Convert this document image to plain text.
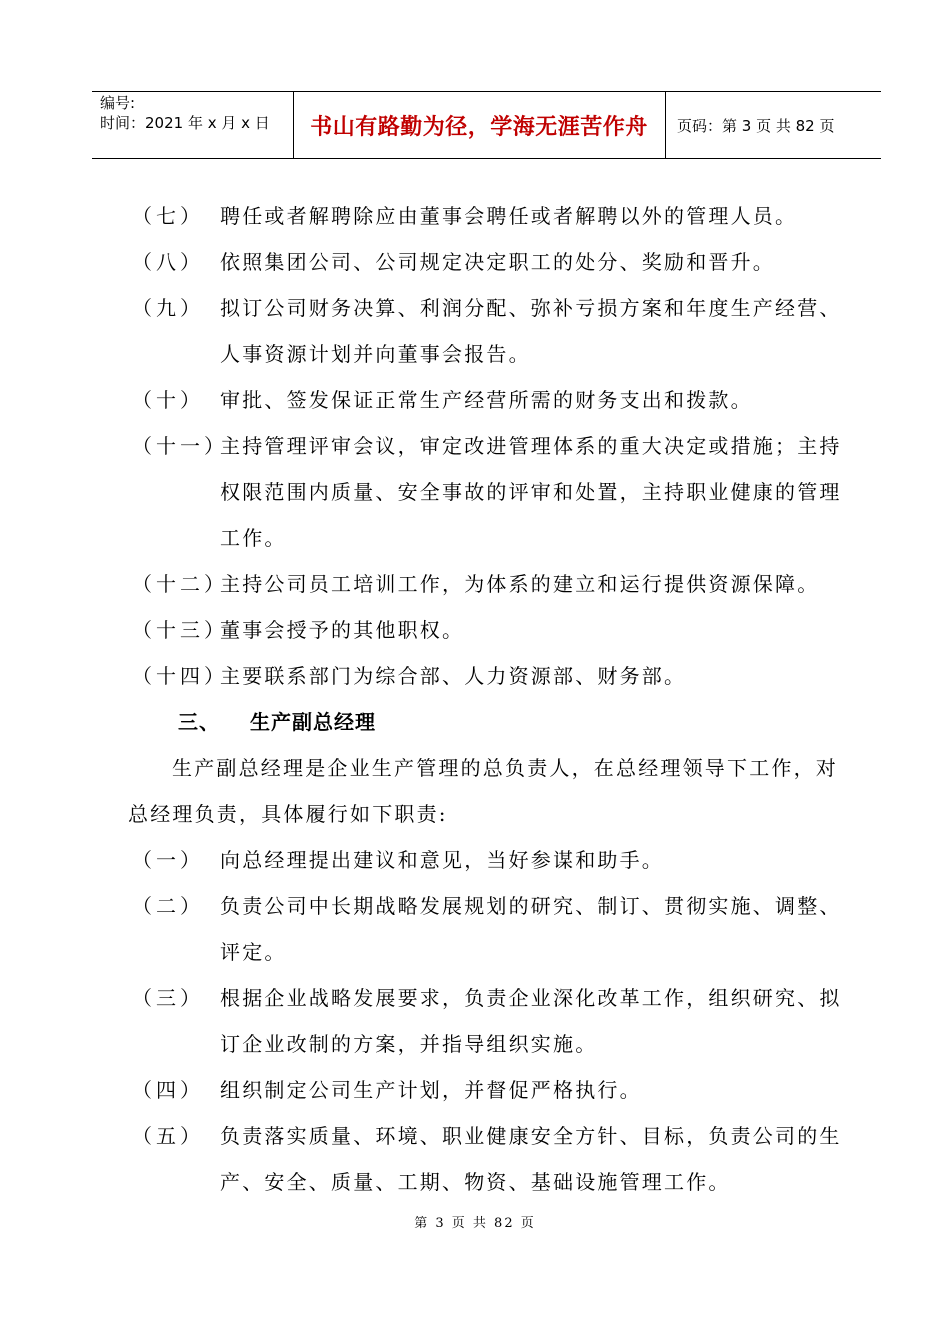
编号:
时间：2021 年 x 月 x 日	书山有路勤为径，学海无涯苦作舟	页码：第 3 页 共 82 页
（七） 聘任或者解聘除应由董事会聘任或者解聘以外的管理人员。
（八） 依照集团公司、公司规定决定职工的处分、奖励和晋升。
（九） 拟订公司财务决算、利润分配、弥补亏损方案和年度生产经营、人事资源计划并向董事会报告。
（十） 审批、签发保证正常生产经营所需的财务支出和拨款。
（十一）
主持管理评审会议，审定改进管理体系的重大决定或措施；主持权限范围内质量、安全事故的评审和处置，主持职业健康的管理工作。
（十二）
主持公司员工培训工作，为体系的建立和运行提供资源保障。
（十三）
董事会授予的其他职权。
（十四）
主要联系部门为综合部、人力资源部、财务部。
三、 生产副总经理
生产副总经理是企业生产管理的总负责人，在总经理领导下工作，对总经理负责，具体履行如下职责:
（一） 向总经理提出建议和意见，当好参谋和助手。
（二） 负责公司中长期战略发展规划的研究、制订、贯彻实施、调整、评定。
（三） 根据企业战略发展要求，负责企业深化改革工作，组织研究、拟订企业改制的方案，并指导组织实施。
（四） 组织制定公司生产计划，并督促严格执行。
（五） 负责落实质量、环境、职业健康安全方针、目标，负责公司的生产、安全、质量、工期、物资、基础设施管理工作。
第 3 页 共 82 页
